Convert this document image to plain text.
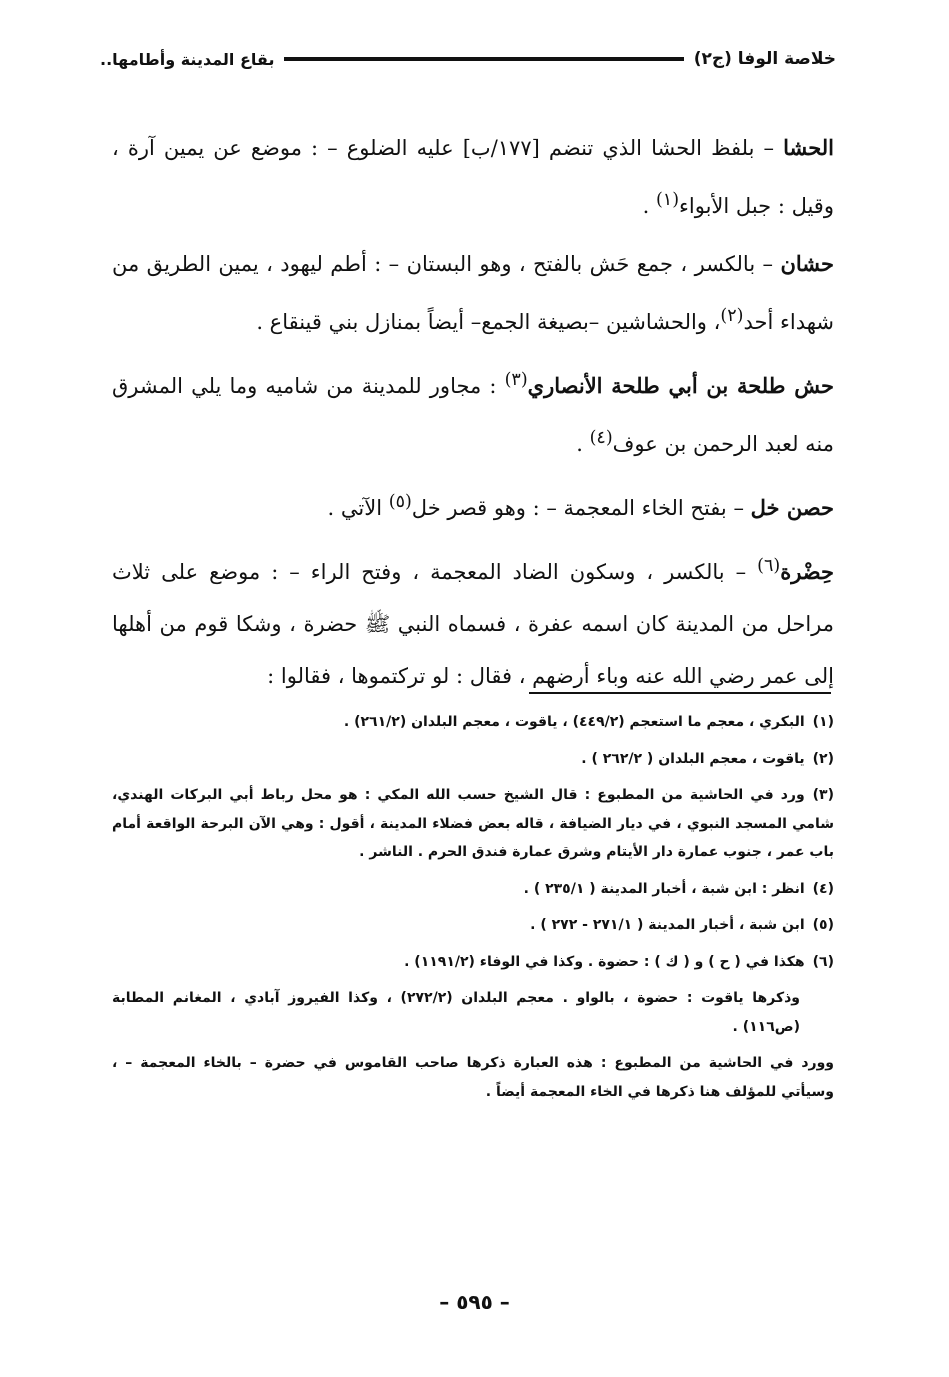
خلاصة الوفا (ج٢)
بقاع المدينة وأطامها..

الحشا – بلفظ الحشا الذي تنضم [١٧٧/ب] عليه الضلوع – : موضع عن يمين آرة ، وقيل : جبل الأبواء$^{(١)}$ .

حشان – بالكسر ، جمع حَش بالفتح ، وهو البستان – : أطم ليهود ، يمين الطريق من شهداء أحد$^{(٢)}$، والحشاشين –بصيغة الجمع– أيضاً بمنازل بني قينقاع .

حش طلحة بن أبي طلحة الأنصاري$^{(٣)}$ : مجاور للمدينة من شاميه وما يلي المشرق منه لعبد الرحمن بن عوف$^{(٤)}$ .

حصن خل – بفتح الخاء المعجمة – : وهو قصر خل$^{(٥)}$ الآتي .

حِضْرة$^{(٦)}$ – بالكسر ، وسكون الضاد المعجمة ، وفتح الراء – : موضع على ثلاث مراحل من المدينة كان اسمه عفرة ، فسماه النبي ﷺ حضرة ، وشكا قوم من أهلها إلى عمر رضي الله عنه وباء أرضهم ، فقال : لو تركتموها ، فقالوا :

(١)البكري ، معجم ما استعجم (٤٤٩/٢) ، ياقوت ، معجم البلدان (٢٦١/٢) .
(٢)ياقوت ، معجم البلدان ( ٢٦٢/٢ ) .
(٣)ورد في الحاشية من المطبوع : قال الشيخ حسب الله المكي : هو محل رباط أبي البركات الهندي، شامي المسجد النبوي ، في ديار الضيافة ، قاله بعض فضلاء المدينة ، أقول : وهي الآن البرحة الواقعة أمام باب عمر ، جنوب عمارة دار الأيتام وشرق عمارة فندق الحرم . الناشر .
(٤)انظر : ابن شبة ، أخبار المدينة ( ٢٣٥/١ ) .
(٥)ابن شبة ، أخبار المدينة ( ٢٧١/١ - ٢٧٢ ) .
(٦)هكذا في ( ح ) و ( ك ) : حضوة . وكذا في الوفاء (١١٩١/٢) .
وذكرها ياقوت : حضوة ، بالواو . معجم البلدان (٢٧٢/٢) ، وكذا الفيروز آبادي ، المغانم المطابة (ص١١٦) .
وورد في الحاشية من المطبوع : هذه العبارة ذكرها صاحب القاموس في حضرة – بالخاء المعجمة – ، وسيأتي للمؤلف هنا ذكرها في الخاء المعجمة أيضاً .
– ٥٩٥ –
